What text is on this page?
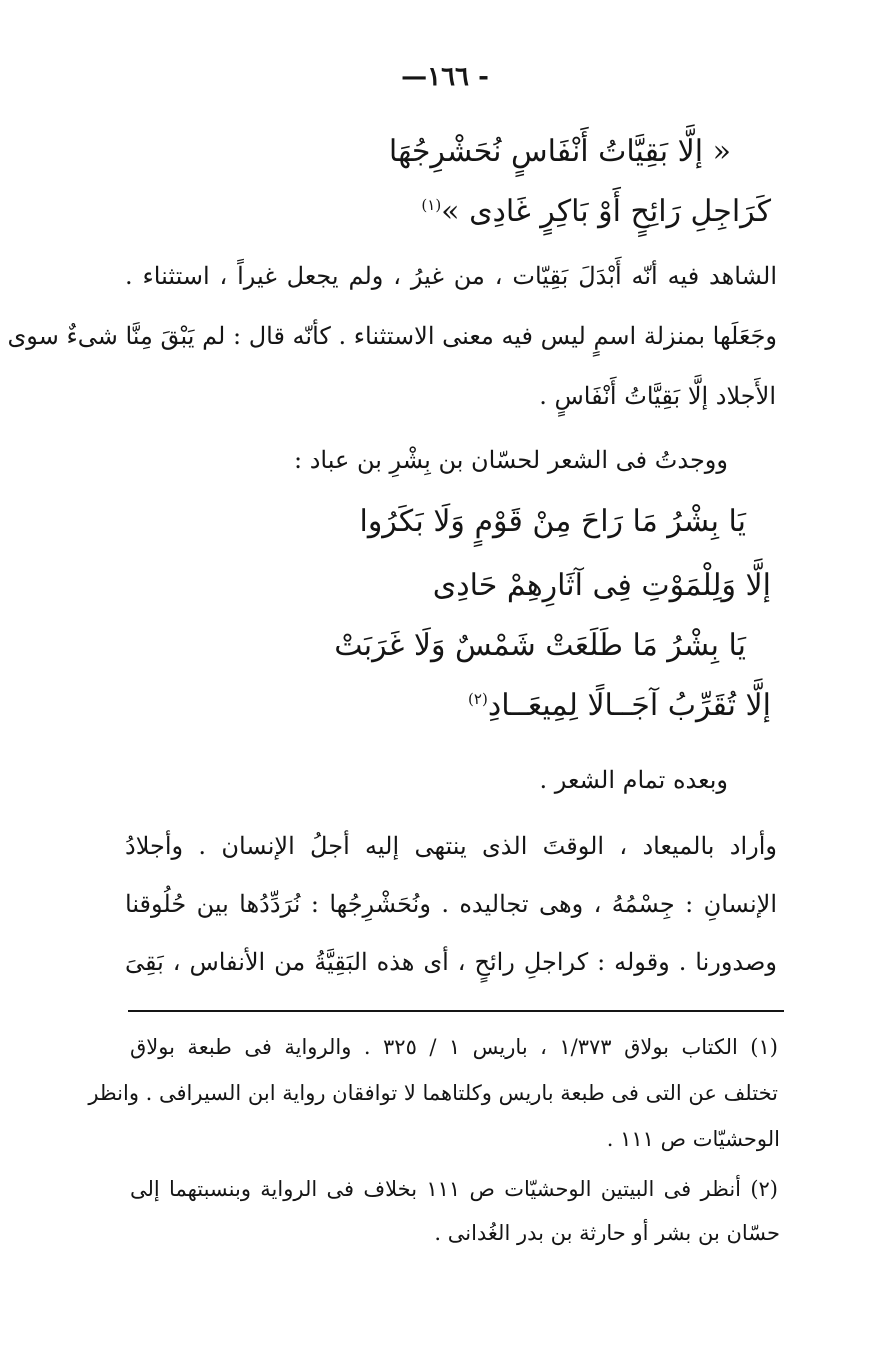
—١٦٦ -
« إلَّا بَقِيَّاتُ أَنْفَاسٍ نُحَشْرِجُهَا
كَرَاجِلِ رَائِحٍ أَوْ بَاكِرٍ غَادِى »$^{(١)}$
الشاهد فيه أنّه أَبْدَلَ بَقِيّات ، من غيرُ ، ولم يجعل غيراً ، استثناء .
وجَعَلَها بمنزلة اسمٍ ليس فيه معنى الاستثناء . كأنّه قال : لم يَبْقَ مِنَّا شىءٌ سوى
الأَجلاد إلَّا بَقِيَّاتُ أَنْفَاسٍ .
ووجدتُ فى الشعر لحسّان بن بِشْرِ بن عباد :
يَا بِشْرُ مَا رَاحَ مِنْ قَوْمٍ وَلَا بَكَرُوا
إلَّا وَلِلْمَوْتِ فِى آثَارِهِمْ حَادِى
يَا بِشْرُ مَا طَلَعَتْ شَمْسٌ وَلَا غَرَبَتْ
إلَّا تُقَرِّبُ آجَــالًا لِمِيعَــادِ$^{(٢)}$
وبعده تمام الشعر .
وأراد بالميعاد ، الوقتَ الذى ينتهى إليه أجلُ الإنسان . وأجلادُ
الإنسانِ : جِسْمُهُ ، وهى تجاليده . ونُحَشْرِجُها : نُرَدِّدُها بين حُلُوقنا
وصدورنا . وقوله : كراجلِ رائحٍ ، أى هذه البَقِيَّةُ من الأنفاس ، بَقِىَ
(١) الكتاب بولاق ١/٣٧٣ ، باريس ١ / ٣٢٥ . والرواية فى طبعة بولاق
تختلف عن التى فى طبعة باريس وكلتاهما لا توافقان رواية ابن السيرافى . وانظر
الوحشيّات ص ١١١ .
(٢) أنظر فى البيتين الوحشيّات ص ١١١ بخلاف فى الرواية وبنسبتهما إلى
حسّان بن بشر أو حارثة بن بدر الغُدانى .
